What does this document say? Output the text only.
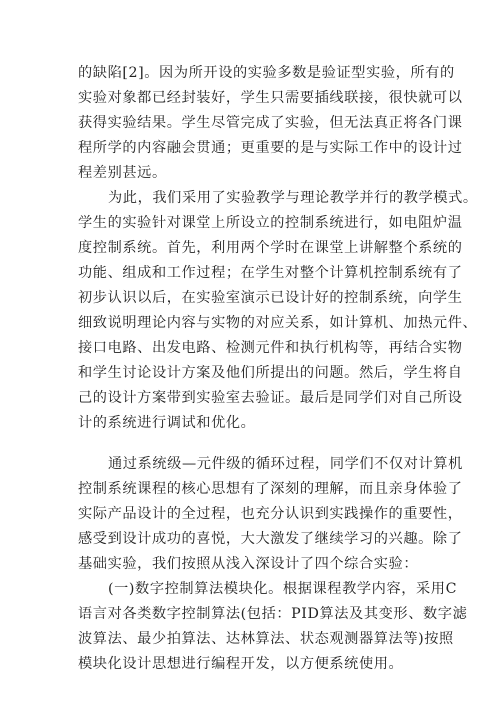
的缺陷[2]。因为所开设的实验多数是验证型实验，所有的
实验对象都已经封装好，学生只需要插线联接，很快就可以
获得实验结果。学生尽管完成了实验，但无法真正将各门课
程所学的内容融会贯通；更重要的是与实际工作中的设计过
程差别甚远。
为此，我们采用了实验教学与理论教学并行的教学模式。
学生的实验针对课堂上所设立的控制系统进行，如电阻炉温
度控制系统。首先，利用两个学时在课堂上讲解整个系统的
功能、组成和工作过程；在学生对整个计算机控制系统有了
初步认识以后，在实验室演示已设计好的控制系统，向学生
细致说明理论内容与实物的对应关系，如计算机、加热元件、
接口电路、出发电路、检测元件和执行机构等，再结合实物
和学生讨论设计方案及他们所提出的问题。然后，学生将自
己的设计方案带到实验室去验证。最后是同学们对自己所设
计的系统进行调试和优化。
通过系统级—元件级的循环过程，同学们不仅对计算机
控制系统课程的核心思想有了深刻的理解，而且亲身体验了
实际产品设计的全过程，也充分认识到实践操作的重要性，
感受到设计成功的喜悦，大大激发了继续学习的兴趣。除了
基础实验，我们按照从浅入深设计了四个综合实验：
(一)数字控制算法模块化。根据课程教学内容，采用C
语言对各类数字控制算法(包括：PID算法及其变形、数字滤
波算法、最少拍算法、达林算法、状态观测器算法等)按照
模块化设计思想进行编程开发，以方便系统使用。
